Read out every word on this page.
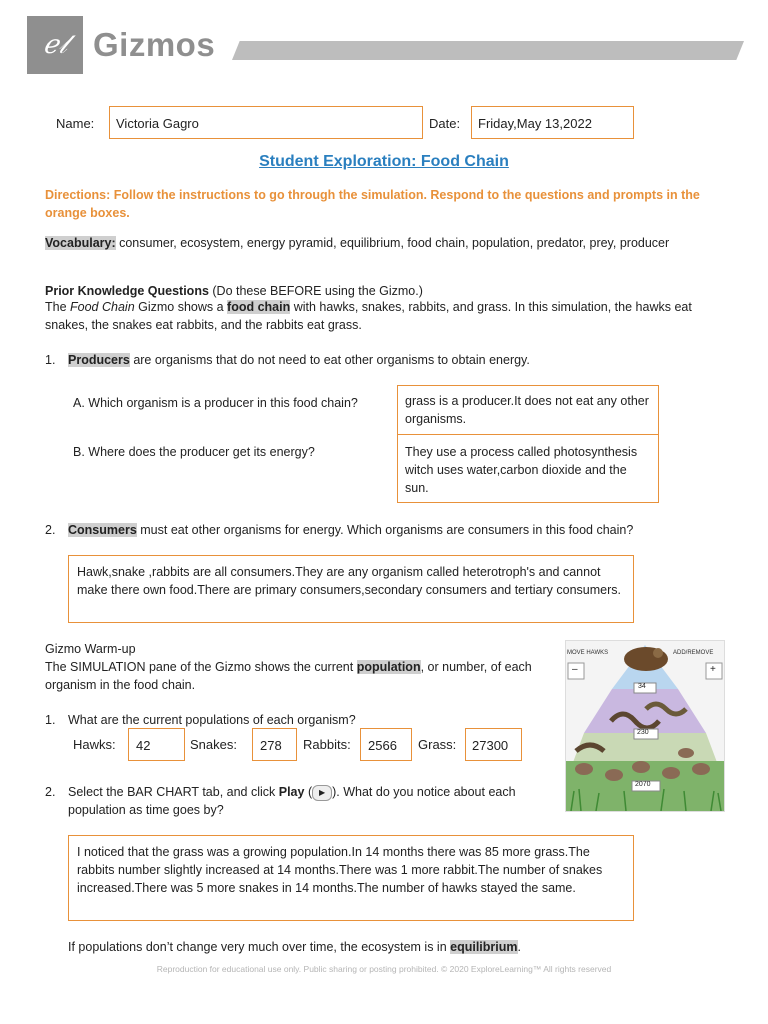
ℯ𝓁 Gizmos
Name: Victoria Gagro	Date: Friday,May 13,2022
Student Exploration: Food Chain
Directions: Follow the instructions to go through the simulation. Respond to the questions and prompts in the orange boxes.
Vocabulary: consumer, ecosystem, energy pyramid, equilibrium, food chain, population, predator, prey, producer
Prior Knowledge Questions (Do these BEFORE using the Gizmo.)
The Food Chain Gizmo shows a food chain with hawks, snakes, rabbits, and grass. In this simulation, the hawks eat snakes, the snakes eat rabbits, and the rabbits eat grass.
1. Producers are organisms that do not need to eat other organisms to obtain energy.
A. Which organism is a producer in this food chain?	grass is a producer.It does not eat any other organisms.
B. Where does the producer get its energy?	They use a process called photosynthesis witch uses water,carbon dioxide and the sun.
2. Consumers must eat other organisms for energy. Which organisms are consumers in this food chain?
Hawk,snake ,rabbits are all consumers.They are any organism called heterotroph's and cannot make there own food.There are primary consumers,secondary consumers and tertiary consumers.
Gizmo Warm-up
The SIMULATION pane of the Gizmo shows the current population, or number, of each organism in the food chain.
1. What are the current populations of each organism?
Hawks: 42	Snakes: 278 Rabbits: 2566 Grass: 27300
2. Select the BAR CHART tab, and click Play ( ▶ ). What do you notice about each population as time goes by?
I noticed that the grass was a growing population.In 14 months there was 85 more grass.The rabbits number slightly increased at 14 months.There was 1 more rabbit.The number of snakes increased.There was 5 more snakes in 14 months.The number of hawks stayed the same.
If populations don’t change very much over time, the ecosystem is in equilibrium.
MOVE HAWKS	ADD/REMOVE
–	+
34
230
2070
Reproduction for educational use only. Public sharing or posting prohibited. © 2020 ExploreLearning™ All rights reserved
